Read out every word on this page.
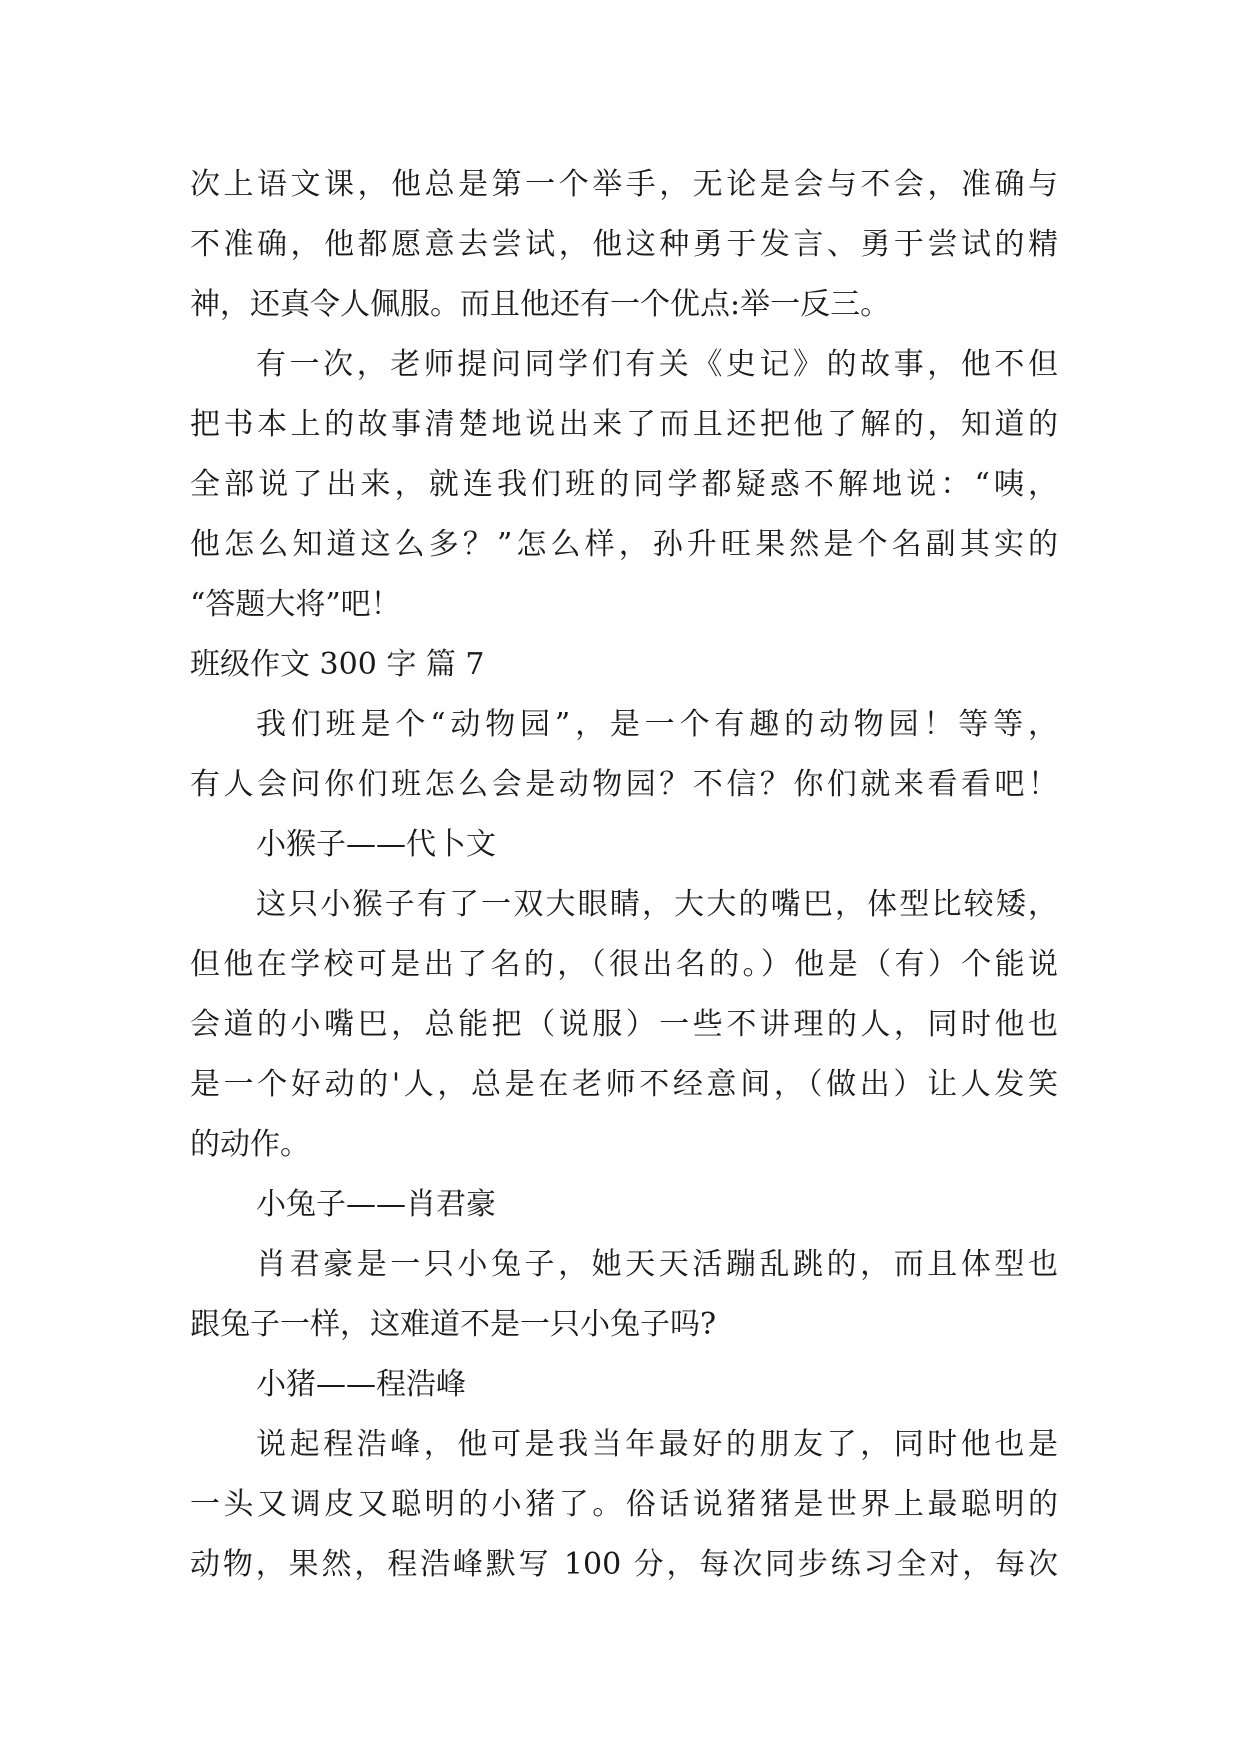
次上语文课，他总是第一个举手，无论是会与不会，准确与
不准确，他都愿意去尝试，他这种勇于发言、勇于尝试的精
神，还真令人佩服。而且他还有一个优点:举一反三。
有一次，老师提问同学们有关《史记》的故事，他不但
把书本上的故事清楚地说出来了而且还把他了解的，知道的
全部说了出来，就连我们班的同学都疑惑不解地说：“咦，
他怎么知道这么多？”怎么样，孙升旺果然是个名副其实的
“答题大将”吧！
班级作文 300 字 篇 7
我们班是个“动物园”，是一个有趣的动物园！等等，
有人会问你们班怎么会是动物园？不信？你们就来看看吧！
小猴子——代卜文
这只小猴子有了一双大眼睛，大大的嘴巴，体型比较矮，
但他在学校可是出了名的，（很出名的。）他是（有）个能说
会道的小嘴巴，总能把（说服）一些不讲理的人，同时他也
是一个好动的'人，总是在老师不经意间，（做出）让人发笑
的动作。
小兔子——肖君豪
肖君豪是一只小兔子，她天天活蹦乱跳的，而且体型也
跟兔子一样，这难道不是一只小兔子吗?
小猪——程浩峰
说起程浩峰，他可是我当年最好的朋友了，同时他也是
一头又调皮又聪明的小猪了。俗话说猪猪是世界上最聪明的
动物，果然，程浩峰默写 100 分，每次同步练习全对，每次
